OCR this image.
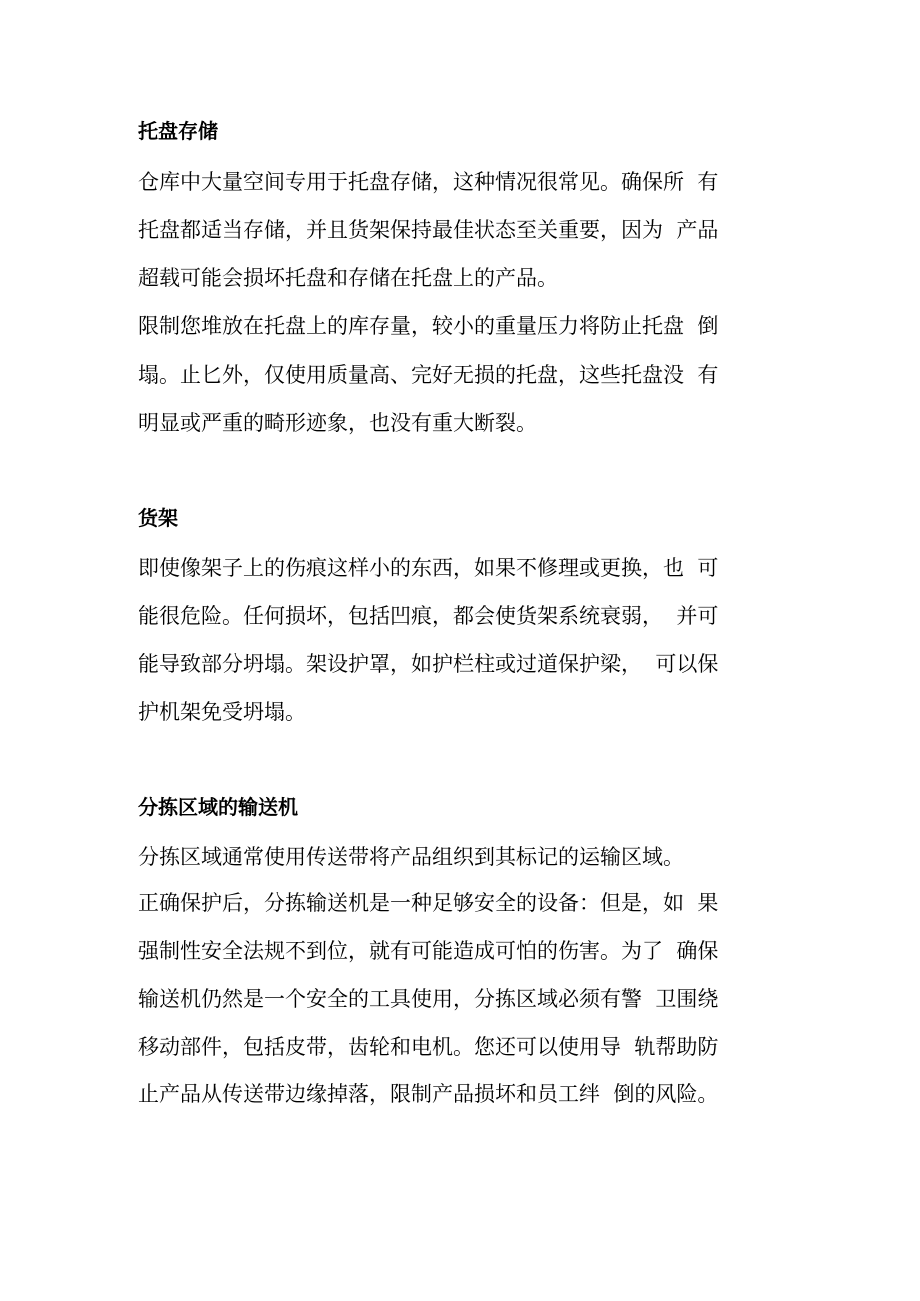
托盘存储

仓库中大量空间专用于托盘存储，这种情况很常见。确保所  有

托盘都适当存储，并且货架保持最佳状态至关重要，因为  产品

超载可能会损坏托盘和存储在托盘上的产品。

限制您堆放在托盘上的库存量，较小的重量压力将防止托盘  倒

塌。止匕外，仅使用质量高、完好无损的托盘，这些托盘没  有

明显或严重的畸形迹象，也没有重大断裂。

货架

即使像架子上的伤痕这样小的东西，如果不修理或更换，也  可

能很危险。任何损坏，包括凹痕，都会使货架系统衰弱，  并可

能导致部分坍塌。架设护罩，如护栏柱或过道保护梁，  可以保

护机架免受坍塌。

分拣区域的输送机

分拣区域通常使用传送带将产品组织到其标记的运输区域。

正确保护后，分拣输送机是一种足够安全的设备：但是，如  果

强制性安全法规不到位，就有可能造成可怕的伤害。为了  确保

输送机仍然是一个安全的工具使用，分拣区域必须有警  卫围绕

移动部件，包括皮带，齿轮和电机。您还可以使用导  轨帮助防

止产品从传送带边缘掉落，限制产品损坏和员工绊  倒的风险。
